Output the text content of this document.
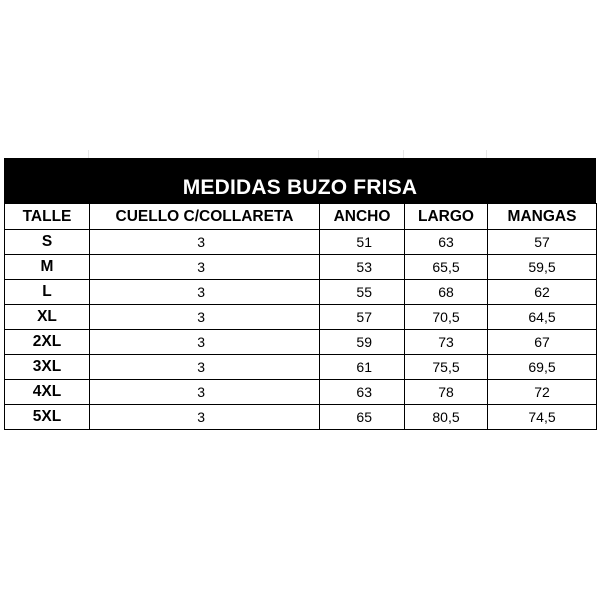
MEDIDAS BUZO FRISA
TALLE	CUELLO C/COLLARETA	ANCHO	LARGO	MANGAS
S	3	51	63	57
M	3	53	65,5	59,5
L	3	55	68	62
XL	3	57	70,5	64,5
2XL	3	59	73	67
3XL	3	61	75,5	69,5
4XL	3	63	78	72
5XL	3	65	80,5	74,5
